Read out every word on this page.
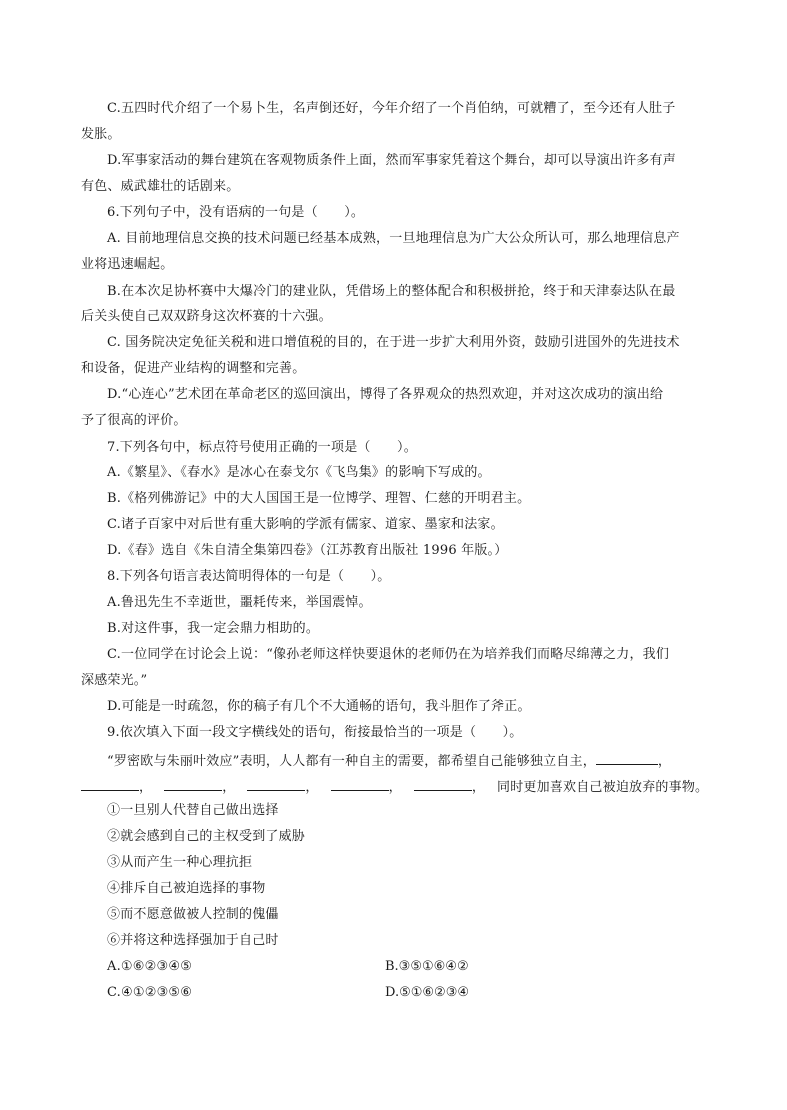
C.五四时代介绍了一个易卜生，名声倒还好，今年介绍了一个肖伯纳，可就糟了，至今还有人肚子
发胀。
D.军事家活动的舞台建筑在客观物质条件上面，然而军事家凭着这个舞台，却可以导演出许多有声
有色、威武雄壮的话剧来。
6.下列句子中，没有语病的一句是（　　）。
A. 目前地理信息交换的技术问题已经基本成熟，一旦地理信息为广大公众所认可，那么地理信息产
业将迅速崛起。
B.在本次足协杯赛中大爆冷门的建业队，凭借场上的整体配合和积极拼抢，终于和天津泰达队在最
后关头使自己双双跻身这次杯赛的十六强。
C. 国务院决定免征关税和进口增值税的目的，在于进一步扩大利用外资，鼓励引进国外的先进技术
和设备，促进产业结构的调整和完善。
D.“心连心”艺术团在革命老区的巡回演出，博得了各界观众的热烈欢迎，并对这次成功的演出给
予了很高的评价。
7.下列各句中，标点符号使用正确的一项是（　　）。
A.《繁星》、《春水》是冰心在泰戈尔《飞鸟集》的影响下写成的。
B.《格列佛游记》中的大人国国王是一位博学、理智、仁慈的开明君主。
C.诸子百家中对后世有重大影响的学派有儒家、道家、墨家和法家。
D.《春》选自《朱自清全集第四卷》（江苏教育出版社 1996 年版。）
8.下列各句语言表达简明得体的一句是（　　）。
A.鲁迅先生不幸逝世，噩耗传来，举国震悼。
B.对这件事，我一定会鼎力相助的。
C.一位同学在讨论会上说：“像孙老师这样快要退休的老师仍在为培养我们而略尽绵薄之力，我们
深感荣光。”
D.可能是一时疏忽，你的稿子有几个不大通畅的语句，我斗胆作了斧正。
9.依次填入下面一段文字横线处的语句，衔接最恰当的一项是（　　）。
“罗密欧与朱丽叶效应”表明，人人都有一种自主的需要，都希望自己能够独立自主，	，
，	，	，	，	， 同时更加喜欢自己被迫放弃的事物。
①一旦别人代替自己做出选择
②就会感到自己的主权受到了威胁
③从而产生一种心理抗拒
④排斥自己被迫选择的事物
⑤而不愿意做被人控制的傀儡
⑥并将这种选择强加于自己时
A.①⑥②③④⑤	B.③⑤①⑥④②
C.④①②③⑤⑥	D.⑤①⑥②③④
